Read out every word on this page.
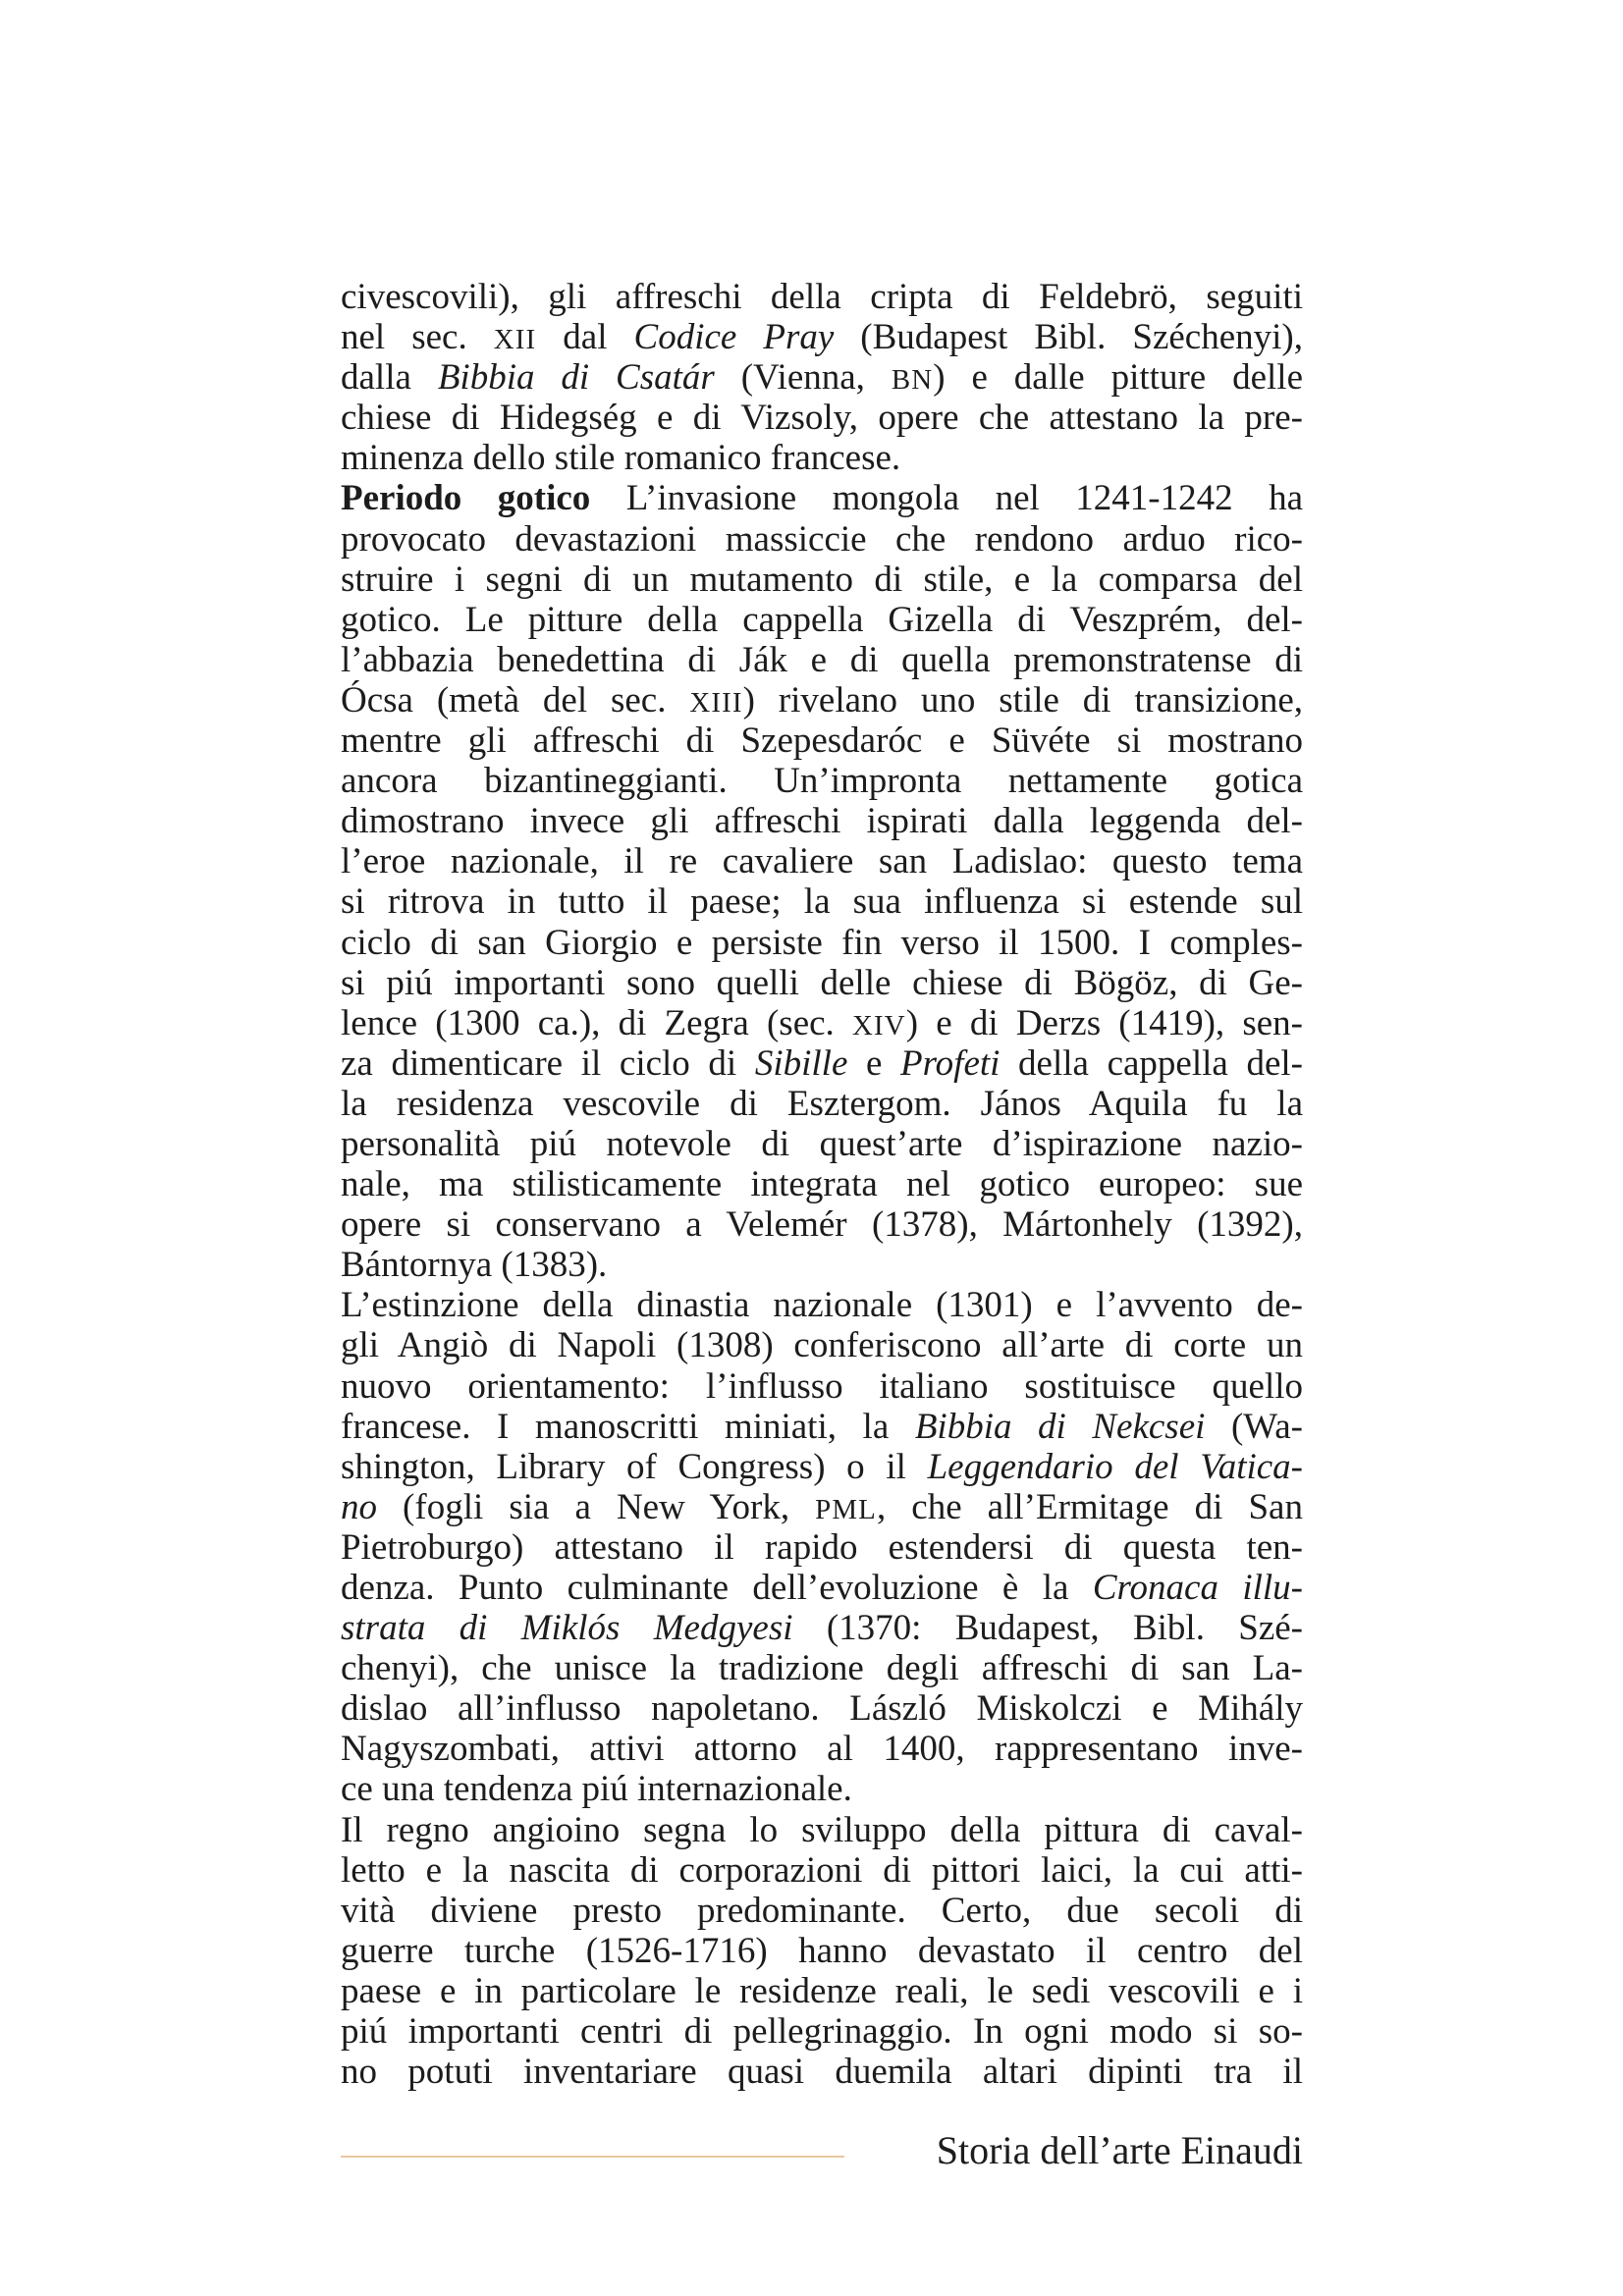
civescovili), gli affreschi della cripta di Feldebrö, seguiti
nel sec. XII dal Codice Pray (Budapest Bibl. Széchenyi),
dalla Bibbia di Csatár (Vienna, BN) e dalle pitture delle
chiese di Hidegség e di Vizsoly, opere che attestano la pre-
minenza dello stile romanico francese.
Periodo gotico L’invasione mongola nel 1241-1242 ha
provocato devastazioni massiccie che rendono arduo rico-
struire i segni di un mutamento di stile, e la comparsa del
gotico. Le pitture della cappella Gizella di Veszprém, del-
l’abbazia benedettina di Ják e di quella premonstratense di
Ócsa (metà del sec. XIII) rivelano uno stile di transizione,
mentre gli affreschi di Szepesdaróc e Süvéte si mostrano
ancora bizantineggianti. Un’impronta nettamente gotica
dimostrano invece gli affreschi ispirati dalla leggenda del-
l’eroe nazionale, il re cavaliere san Ladislao: questo tema
si ritrova in tutto il paese; la sua influenza si estende sul
ciclo di san Giorgio e persiste fin verso il 1500. I comples-
si piú importanti sono quelli delle chiese di Bögöz, di Ge-
lence (1300 ca.), di Zegra (sec. XIV) e di Derzs (1419), sen-
za dimenticare il ciclo di Sibille e Profeti della cappella del-
la residenza vescovile di Esztergom. János Aquila fu la
personalità piú notevole di quest’arte d’ispirazione nazio-
nale, ma stilisticamente integrata nel gotico europeo: sue
opere si conservano a Velemér (1378), Mártonhely (1392),
Bántornya (1383).
L’estinzione della dinastia nazionale (1301) e l’avvento de-
gli Angiò di Napoli (1308) conferiscono all’arte di corte un
nuovo orientamento: l’influsso italiano sostituisce quello
francese. I manoscritti miniati, la Bibbia di Nekcsei (Wa-
shington, Library of Congress) o il Leggendario del Vatica-
no (fogli sia a New York, PML, che all’Ermitage di San
Pietroburgo) attestano il rapido estendersi di questa ten-
denza. Punto culminante dell’evoluzione è la Cronaca illu-
strata di Miklós Medgyesi (1370: Budapest, Bibl. Szé-
chenyi), che unisce la tradizione degli affreschi di san La-
dislao all’influsso napoletano. László Miskolczi e Mihály
Nagyszombati, attivi attorno al 1400, rappresentano inve-
ce una tendenza piú internazionale.
Il regno angioino segna lo sviluppo della pittura di caval-
letto e la nascita di corporazioni di pittori laici, la cui atti-
vità diviene presto predominante. Certo, due secoli di
guerre turche (1526-1716) hanno devastato il centro del
paese e in particolare le residenze reali, le sedi vescovili e i
piú importanti centri di pellegrinaggio. In ogni modo si so-
no potuti inventariare quasi duemila altari dipinti tra il
Storia dell’arte Einaudi
